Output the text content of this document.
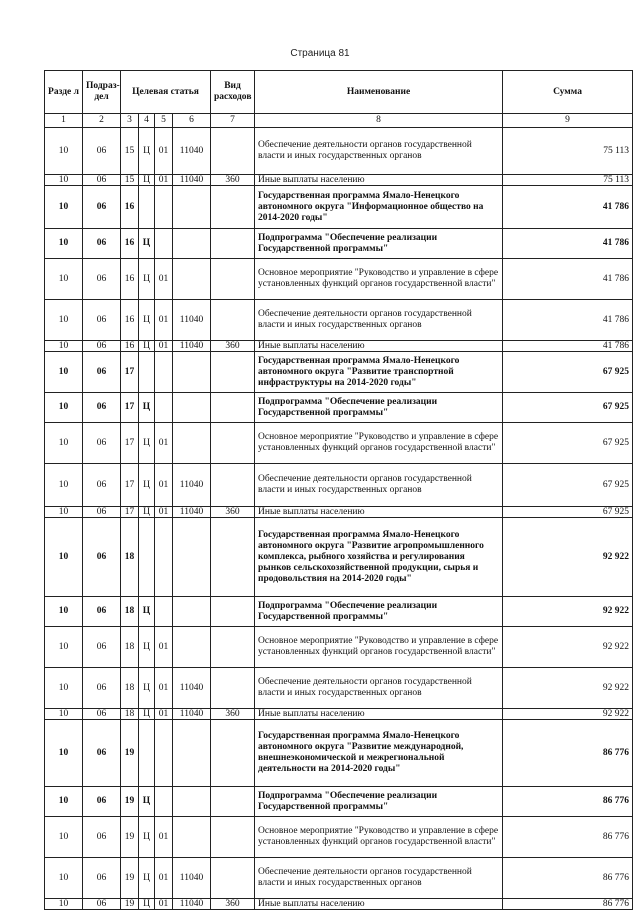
Страница 81
Разде л	Подраз- дел	Целевая статья				Вид расходов	Наименование	Сумма
1	2	3	4	5	6	7	8	9
10	06	15	Ц	01	11040		Обеспечение деятельности органов государственной власти и иных государственных органов	75 113
10	06	15	Ц	01	11040	360	Иные выплаты населению	75 113
10	06	16					Государственная программа Ямало-Ненецкого автономного округа "Информационное общество на 2014-2020 годы"	41 786
10	06	16	Ц				Подпрограмма "Обеспечение реализации Государственной программы"	41 786
10	06	16	Ц	01			Основное мероприятие "Руководство и управление в сфере установленных функций органов государственной власти"	41 786
10	06	16	Ц	01	11040		Обеспечение деятельности органов государственной власти и иных государственных органов	41 786
10	06	16	Ц	01	11040	360	Иные выплаты населению	41 786
10	06	17					Государственная программа Ямало-Ненецкого автономного округа "Развитие транспортной инфраструктуры на 2014-2020 годы"	67 925
10	06	17	Ц				Подпрограмма "Обеспечение реализации Государственной программы"	67 925
10	06	17	Ц	01			Основное мероприятие "Руководство и управление в сфере установленных функций органов государственной власти"	67 925
10	06	17	Ц	01	11040		Обеспечение деятельности органов государственной власти и иных государственных органов	67 925
10	06	17	Ц	01	11040	360	Иные выплаты населению	67 925
10	06	18					Государственная программа Ямало-Ненецкого автономного округа "Развитие агропромышленного комплекса, рыбного хозяйства и регулирования рынков сельскохозяйственной продукции, сырья и продовольствия на 2014-2020 годы"	92 922
10	06	18	Ц				Подпрограмма "Обеспечение реализации Государственной программы"	92 922
10	06	18	Ц	01			Основное мероприятие "Руководство и управление в сфере установленных функций органов государственной власти"	92 922
10	06	18	Ц	01	11040		Обеспечение деятельности органов государственной власти и иных государственных органов	92 922
10	06	18	Ц	01	11040	360	Иные выплаты населению	92 922
10	06	19					Государственная программа Ямало-Ненецкого автономного округа "Развитие международной, внешнеэкономической и межрегиональной деятельности на 2014-2020 годы"	86 776
10	06	19	Ц				Подпрограмма "Обеспечение реализации Государственной программы"	86 776
10	06	19	Ц	01			Основное мероприятие "Руководство и управление в сфере установленных функций органов государственной власти"	86 776
10	06	19	Ц	01	11040		Обеспечение деятельности органов государственной власти и иных государственных органов	86 776
10	06	19	Ц	01	11040	360	Иные выплаты населению	86 776
